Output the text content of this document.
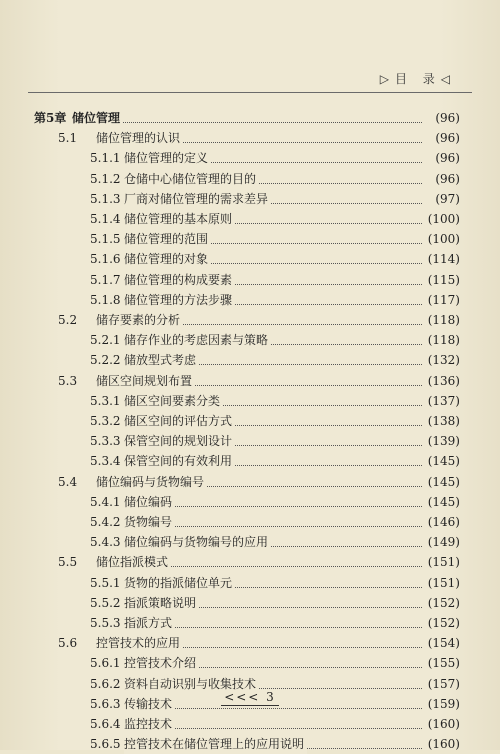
▷目 录◁
第5章 储位管理	(96)
5.1 储位管理的认识	(96)
5.1.1 储位管理的定义	(96)
5.1.2 仓储中心储位管理的目的	(96)
5.1.3 厂商对储位管理的需求差异	(97)
5.1.4 储位管理的基本原则	(100)
5.1.5 储位管理的范围	(100)
5.1.6 储位管理的对象	(114)
5.1.7 储位管理的构成要素	(115)
5.1.8 储位管理的方法步骤	(117)
5.2 储存要素的分析	(118)
5.2.1 储存作业的考虑因素与策略	(118)
5.2.2 储放型式考虑	(132)
5.3 储区空间规划布置	(136)
5.3.1 储区空间要素分类	(137)
5.3.2 储区空间的评估方式	(138)
5.3.3 保管空间的规划设计	(139)
5.3.4 保管空间的有效利用	(145)
5.4 储位编码与货物编号	(145)
5.4.1 储位编码	(145)
5.4.2 货物编号	(146)
5.4.3 储位编码与货物编号的应用	(149)
5.5 储位指派模式	(151)
5.5.1 货物的指派储位单元	(151)
5.5.2 指派策略说明	(152)
5.5.3 指派方式	(152)
5.6 控管技术的应用	(154)
5.6.1 控管技术介绍	(155)
5.6.2 资料自动识别与收集技术	(157)
5.6.3 传输技术	(159)
5.6.4 监控技术	(160)
5.6.5 控管技术在储位管理上的应用说明	(160)
<<< 3
